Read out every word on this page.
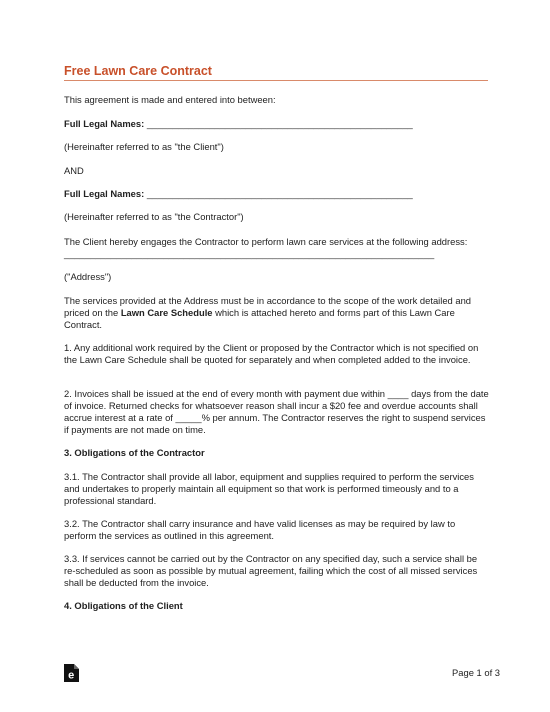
Free Lawn Care Contract

This agreement is made and entered into between:

Full Legal Names: ___________________________________________________

(Hereinafter referred to as "the Client")

AND

Full Legal Names: ___________________________________________________

(Hereinafter referred to as "the Contractor")

The Client hereby engages the Contractor to perform lawn care services at the following address: _______________________________________________________________________

("Address")

The services provided at the Address must be in accordance to the scope of the work detailed and priced on the Lawn Care Schedule which is attached hereto and forms part of this Lawn Care Contract.

1. Any additional work required by the Client or proposed by the Contractor which is not specified on the Lawn Care Schedule shall be quoted for separately and when completed added to the invoice.

2. Invoices shall be issued at the end of every month with payment due within ____ days from the date of invoice. Returned checks for whatsoever reason shall incur a $20 fee and overdue accounts shall accrue interest at a rate of _____% per annum. The Contractor reserves the right to suspend services if payments are not made on time.

3. Obligations of the Contractor

3.1. The Contractor shall provide all labor, equipment and supplies required to perform the services and undertakes to properly maintain all equipment so that work is performed timeously and to a professional standard.

3.2. The Contractor shall carry insurance and have valid licenses as may be required by law to perform the services as outlined in this agreement.

3.3. If services cannot be carried out by the Contractor on any specified day, such a service shall be re-scheduled as soon as possible by mutual agreement, failing which the cost of all missed services shall be deducted from the invoice.

4. Obligations of the Client

e	Page 1 of 3
